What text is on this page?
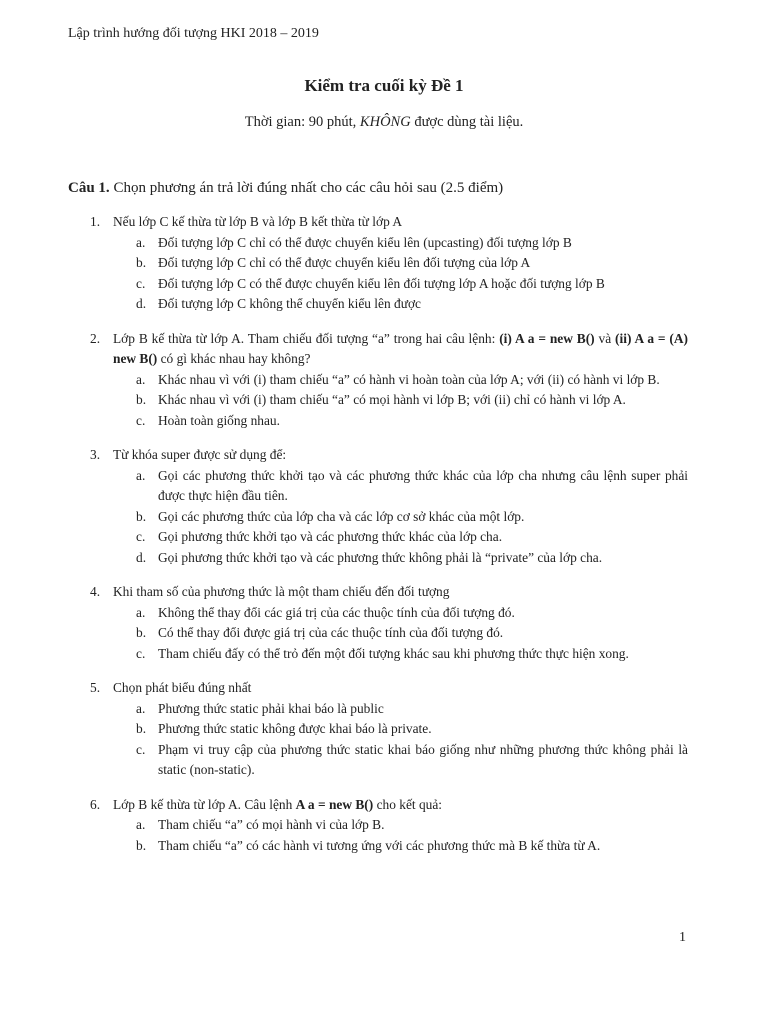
Lập trình hướng đối tượng HKI 2018 – 2019
Kiểm tra cuối kỳ Đề 1
Thời gian: 90 phút, KHÔNG được dùng tài liệu.
Câu 1. Chọn phương án trả lời đúng nhất cho các câu hỏi sau (2.5 điểm)
1. Nếu lớp C kế thừa từ lớp B và lớp B kết thừa từ lớp A
a. Đối tượng lớp C chỉ có thể được chuyển kiểu lên (upcasting) đối tượng lớp B
b. Đối tượng lớp C chỉ có thể được chuyển kiểu lên đối tượng của lớp A
c. Đối tượng lớp C có thể được chuyển kiểu lên đối tượng lớp A hoặc đối tượng lớp B
d. Đối tượng lớp C không thể chuyển kiểu lên được
2. Lớp B kế thừa từ lớp A. Tham chiếu đối tượng “a” trong hai câu lệnh: (i) A a = new B() và (ii) A a = (A) new B() có gì khác nhau hay không?
a. Khác nhau vì với (i) tham chiếu “a” có hành vi hoàn toàn của lớp A; với (ii) có hành vi lớp B.
b. Khác nhau vì với (i) tham chiếu “a” có mọi hành vi lớp B; với (ii) chỉ có hành vi lớp A.
c. Hoàn toàn giống nhau.
3. Từ khóa super được sử dụng để:
a. Gọi các phương thức khởi tạo và các phương thức khác của lớp cha nhưng câu lệnh super phải được thực hiện đầu tiên.
b. Gọi các phương thức của lớp cha và các lớp cơ sở khác của một lớp.
c. Gọi phương thức khởi tạo và các phương thức khác của lớp cha.
d. Gọi phương thức khởi tạo và các phương thức không phải là “private” của lớp cha.
4. Khi tham số của phương thức là một tham chiếu đến đối tượng
a. Không thể thay đổi các giá trị của các thuộc tính của đối tượng đó.
b. Có thể thay đổi được giá trị của các thuộc tính của đối tượng đó.
c. Tham chiếu đấy có thể trỏ đến một đối tượng khác sau khi phương thức thực hiện xong.
5. Chọn phát biểu đúng nhất
a. Phương thức static phải khai báo là public
b. Phương thức static không được khai báo là private.
c. Phạm vi truy cập của phương thức static khai báo giống như những phương thức không phải là static (non-static).
6. Lớp B kế thừa từ lớp A. Câu lệnh A a = new B() cho kết quả:
a. Tham chiếu “a” có mọi hành vi của lớp B.
b. Tham chiếu “a” có các hành vi tương ứng với các phương thức mà B kế thừa từ A.
1
